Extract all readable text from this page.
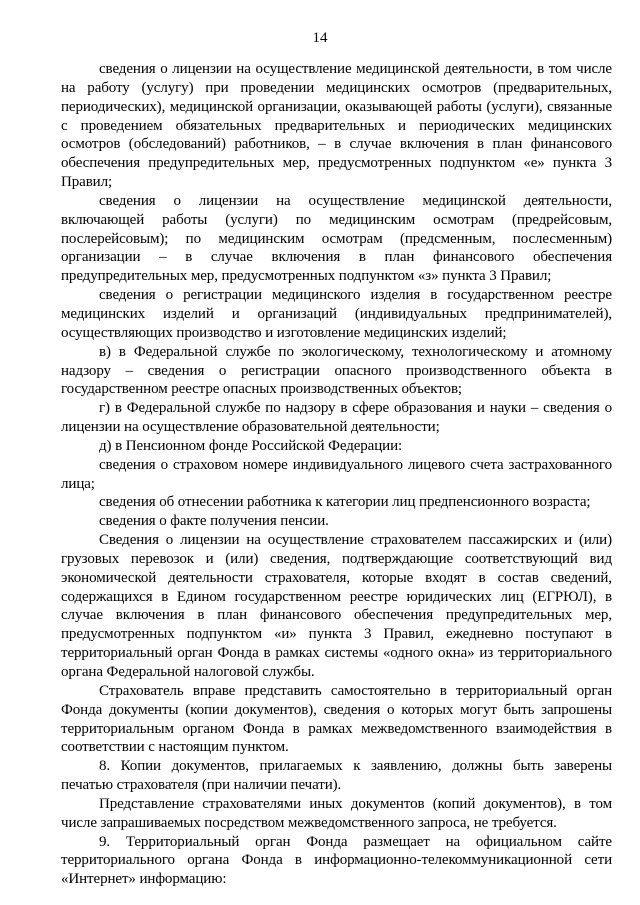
14

сведения о лицензии на осуществление медицинской деятельности, в том числе на работу (услугу) при проведении медицинских осмотров (предварительных, периодических), медицинской организации, оказывающей работы (услуги), связанные с проведением обязательных предварительных и периодических медицинских осмотров (обследований) работников, – в случае включения в план финансового обеспечения предупредительных мер, предусмотренных подпунктом «е» пункта 3 Правил;

сведения о лицензии на осуществление медицинской деятельности, включающей работы (услуги) по медицинским осмотрам (предрейсовым, послерейсовым); по медицинским осмотрам (предсменным, послесменным) организации – в случае включения в план финансового обеспечения предупредительных мер, предусмотренных подпунктом «з» пункта 3 Правил;

сведения о регистрации медицинского изделия в государственном реестре медицинских изделий и организаций (индивидуальных предпринимателей), осуществляющих производство и изготовление медицинских изделий;

в) в Федеральной службе по экологическому, технологическому и атомному надзору – сведения о регистрации опасного производственного объекта в государственном реестре опасных производственных объектов;

г) в Федеральной службе по надзору в сфере образования и науки – сведения о лицензии на осуществление образовательной деятельности;

д) в Пенсионном фонде Российской Федерации:

сведения о страховом номере индивидуального лицевого счета застрахованного лица;

сведения об отнесении работника к категории лиц предпенсионного возраста;

сведения о факте получения пенсии.

Сведения о лицензии на осуществление страхователем пассажирских и (или) грузовых перевозок и (или) сведения, подтверждающие соответствующий вид экономической деятельности страхователя, которые входят в состав сведений, содержащихся в Едином государственном реестре юридических лиц (ЕГРЮЛ), в случае включения в план финансового обеспечения предупредительных мер, предусмотренных подпунктом «и» пункта 3 Правил, ежедневно поступают в территориальный орган Фонда в рамках системы «одного окна» из территориального органа Федеральной налоговой службы.

Страхователь вправе представить самостоятельно в территориальный орган Фонда документы (копии документов), сведения о которых могут быть запрошены территориальным органом Фонда в рамках межведомственного взаимодействия в соответствии с настоящим пунктом.

8. Копии документов, прилагаемых к заявлению, должны быть заверены печатью страхователя (при наличии печати).

Представление страхователями иных документов (копий документов), в том числе запрашиваемых посредством межведомственного запроса, не требуется.

9. Территориальный орган Фонда размещает на официальном сайте территориального органа Фонда в информационно-телекоммуникационной сети «Интернет» информацию:
